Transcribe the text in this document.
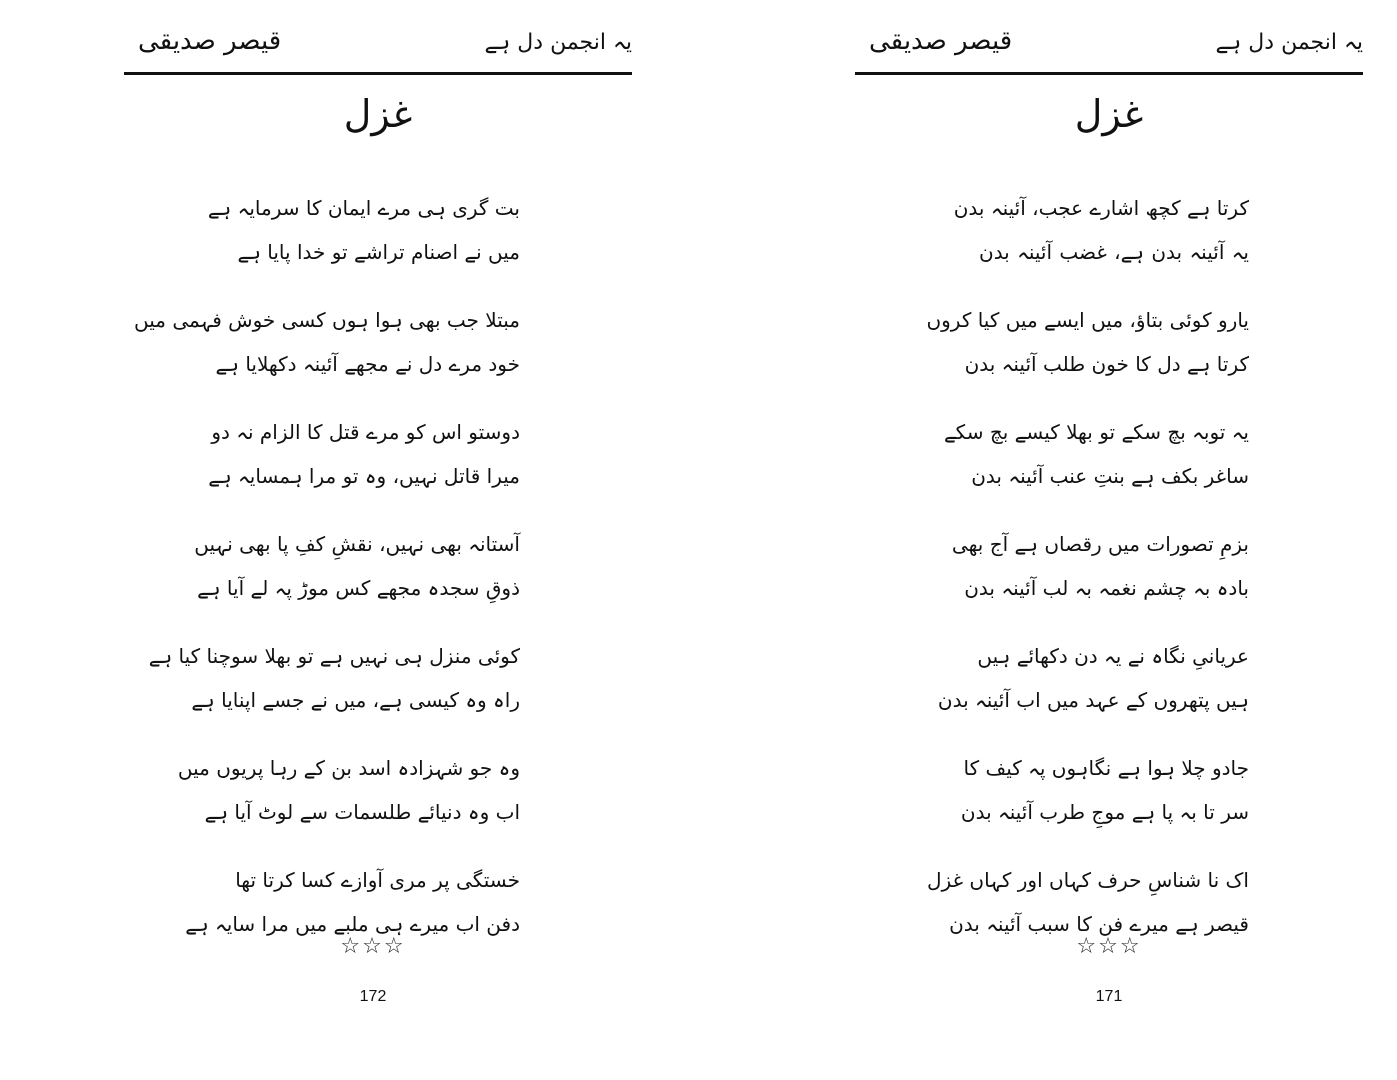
یہ انجمن دل ہے
قیصر صدیقی
غزل
بت گری ہی مرے ایمان کا سرمایہ ہے
میں نے اصنام تراشے تو خدا پایا ہے
مبتلا جب بھی ہوا ہوں کسی خوش فہمی میں
خود مرے دل نے مجھے آئینہ دکھلایا ہے
دوستو اس کو مرے قتل کا الزام نہ دو
میرا قاتل نہیں، وہ تو مرا ہمسایہ ہے
آستانہ بھی نہیں، نقشِ کفِ پا بھی نہیں
ذوقِ سجدہ مجھے کس موڑ پہ لے آیا ہے
کوئی منزل ہی نہیں ہے تو بھلا سوچنا کیا ہے
راہ وہ کیسی ہے، میں نے جسے اپنایا ہے
وہ جو شہزادہ اسد بن کے رہا پریوں میں
اب وہ دنیائے طلسمات سے لوٹ آیا ہے
خستگی پر مری آوازے کسا کرتا تھا
دفن اب میرے ہی ملبے میں مرا سایہ ہے
☆☆☆
172
یہ انجمن دل ہے
قیصر صدیقی
غزل
کرتا ہے کچھ اشارے عجب، آئینہ بدن
یہ آئینہ بدن ہے، غضب آئینہ بدن
یارو کوئی بتاؤ، میں ایسے میں کیا کروں
کرتا ہے دل کا خون طلب آئینہ بدن
یہ توبہ بچ سکے تو بھلا کیسے بچ سکے
ساغر بکف ہے بنتِ عنب آئینہ بدن
بزمِ تصورات میں رقصاں ہے آج بھی
بادہ بہ چشم نغمہ بہ لب آئینہ بدن
عریانیِ نگاہ نے یہ دن دکھائے ہیں
ہیں پتھروں کے عہد میں اب آئینہ بدن
جادو چلا ہوا ہے نگاہوں پہ کیف کا
سر تا بہ پا ہے موجِ طرب آئینہ بدن
اک نا شناسِ حرف کہاں اور کہاں غزل
قیصر ہے میرے فن کا سبب آئینہ بدن
☆☆☆
171
